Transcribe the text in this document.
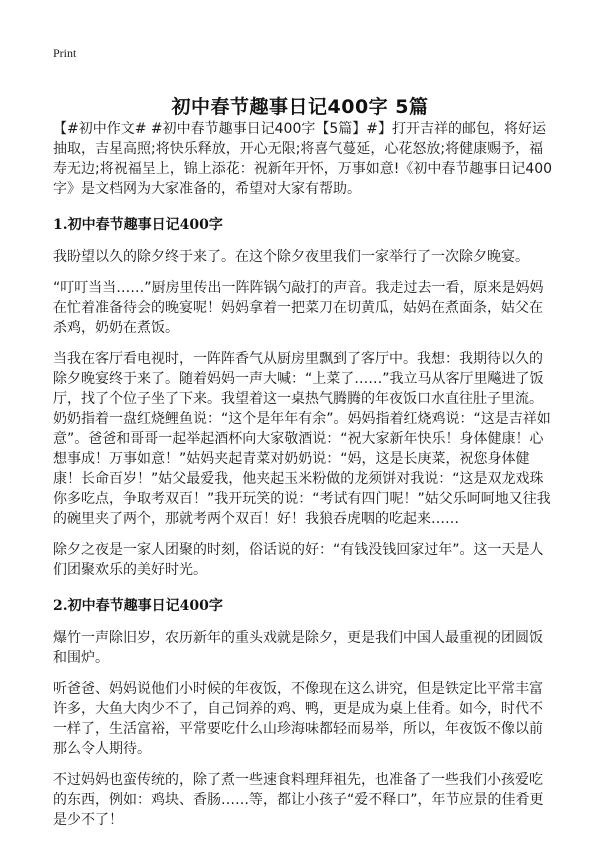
Print
初中春节趣事日记400字 5篇

【#初中作文# #初中春节趣事日记400字【5篇】#】打开吉祥的邮包，将好运抽取，吉星高照;将快乐释放，开心无限;将喜气蔓延，心花怒放;将健康赐予，福寿无边;将祝福呈上，锦上添花：祝新年开怀，万事如意!《初中春节趣事日记400字》是文档网为大家准备的，希望对大家有帮助。

1.初中春节趣事日记400字

我盼望以久的除夕终于来了。在这个除夕夜里我们一家举行了一次除夕晚宴。

“叮叮当当……”厨房里传出一阵阵锅勺敲打的声音。我走过去一看，原来是妈妈在忙着准备待会的晚宴呢！妈妈拿着一把菜刀在切黄瓜，姑妈在煮面条，姑父在杀鸡，奶奶在煮饭。

当我在客厅看电视时，一阵阵香气从厨房里飘到了客厅中。我想：我期待以久的除夕晚宴终于来了。随着妈妈一声大喊：“上菜了……”我立马从客厅里飚进了饭厅，找了个位子坐了下来。我望着这一桌热气腾腾的年夜饭口水直往肚子里流。奶奶指着一盘红烧鲤鱼说：“这个是年年有余”。妈妈指着红烧鸡说：“这是吉祥如意”。爸爸和哥哥一起举起酒杯向大家敬酒说：“祝大家新年快乐！身体健康！心想事成！万事如意！”姑妈夹起青菜对奶奶说：“妈，这是长庚菜，祝您身体健康！长命百岁！”姑父最爱我，他夹起玉米粉做的龙须饼对我说：“这是双龙戏珠你多吃点，争取考双百！”我开玩笑的说：“考试有四门呢！”姑父乐呵呵地又往我的碗里夹了两个，那就考两个双百！好！我狼吞虎咽的吃起来……

除夕之夜是一家人团聚的时刻，俗话说的好：“有钱没钱回家过年”。这一天是人们团聚欢乐的美好时光。

2.初中春节趣事日记400字

爆竹一声除旧岁，农历新年的重头戏就是除夕，更是我们中国人最重视的团圆饭和围炉。

听爸爸、妈妈说他们小时候的年夜饭，不像现在这么讲究，但是铁定比平常丰富许多，大鱼大肉少不了，自己饲养的鸡、鸭，更是成为桌上佳肴。如今，时代不一样了，生活富裕，平常要吃什么山珍海味都轻而易举，所以，年夜饭不像以前那么令人期待。

不过妈妈也蛮传统的，除了煮一些速食料理拜祖先，也准备了一些我们小孩爱吃的东西，例如：鸡块、香肠……等，都让小孩子“爱不释口”，年节应景的佳肴更是少不了！
